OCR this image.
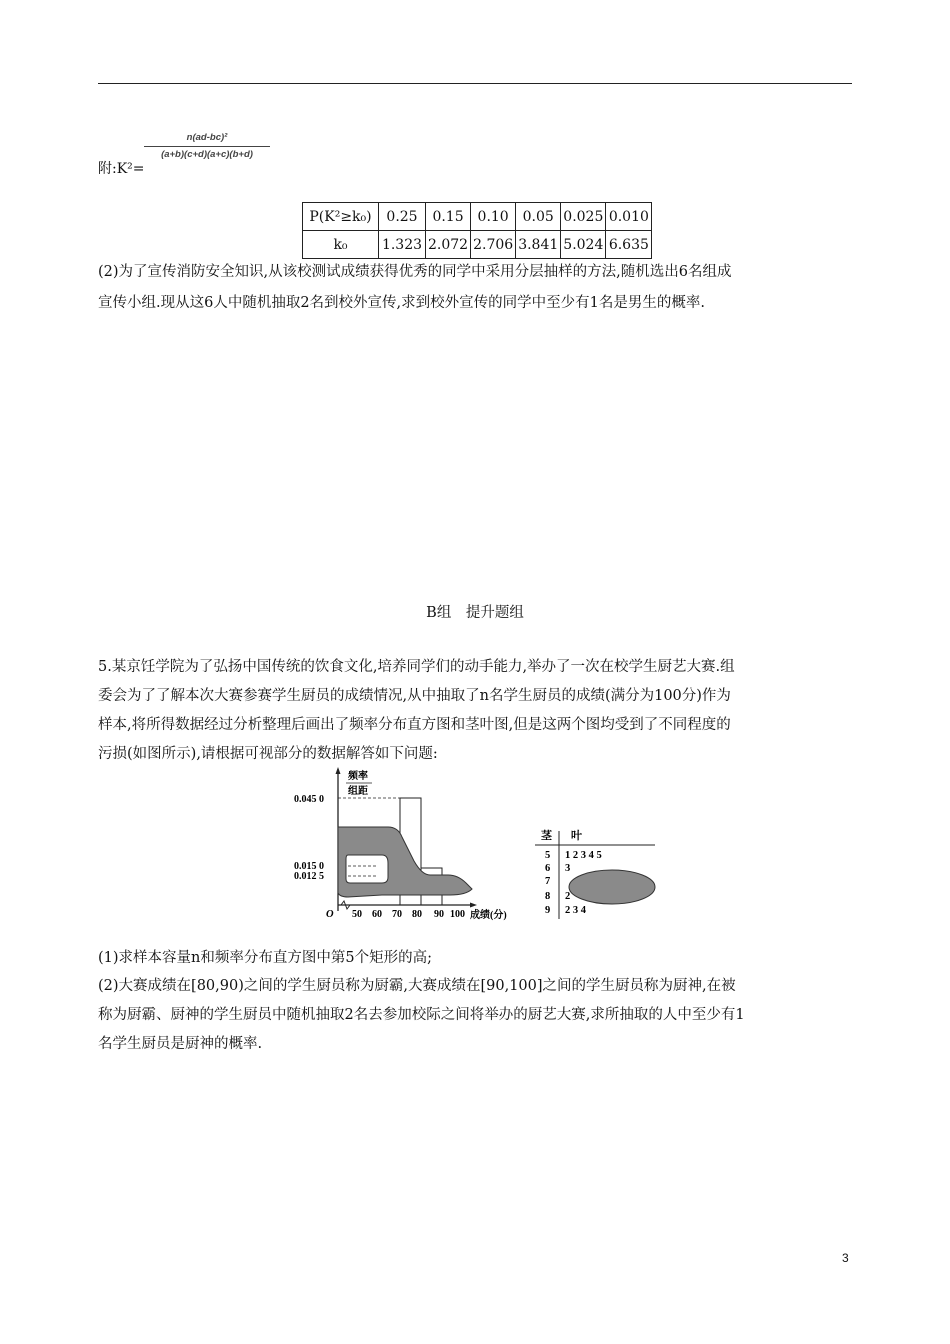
附:K²=
n(ad-bc)²
(a+b)(c+d)(a+c)(b+d)
P(K²≥k₀)	0.25	0.15	0.10	0.05	0.025	0.010
k₀	1.323	2.072	2.706	3.841	5.024	6.635
(2)为了宣传消防安全知识,从该校测试成绩获得优秀的同学中采用分层抽样的方法,随机选出6名组成
宣传小组.现从这6人中随机抽取2名到校外宣传,求到校外宣传的同学中至少有1名是男生的概率.
B组　提升题组
5.某京饪学院为了弘扬中国传统的饮食文化,培养同学们的动手能力,举办了一次在校学生厨艺大赛.组
委会为了了解本次大赛参赛学生厨员的成绩情况,从中抽取了n名学生厨员的成绩(满分为100分)作为
样本,将所得数据经过分析整理后画出了频率分布直方图和茎叶图,但是这两个图均受到了不同程度的
污损(如图所示),请根据可视部分的数据解答如下问题:
频率
组距
0.045 0
0.015 0
0.012 5
O 50 60 70 80 90 100 成绩(分)
茎 叶
5 1 2 3 4 5
6 3
7
8 2
9 2 3 4
(1)求样本容量n和频率分布直方图中第5个矩形的高;
(2)大赛成绩在[80,90)之间的学生厨员称为厨霸,大赛成绩在[90,100]之间的学生厨员称为厨神,在被
称为厨霸、厨神的学生厨员中随机抽取2名去参加校际之间将举办的厨艺大赛,求所抽取的人中至少有1
名学生厨员是厨神的概率.
3
